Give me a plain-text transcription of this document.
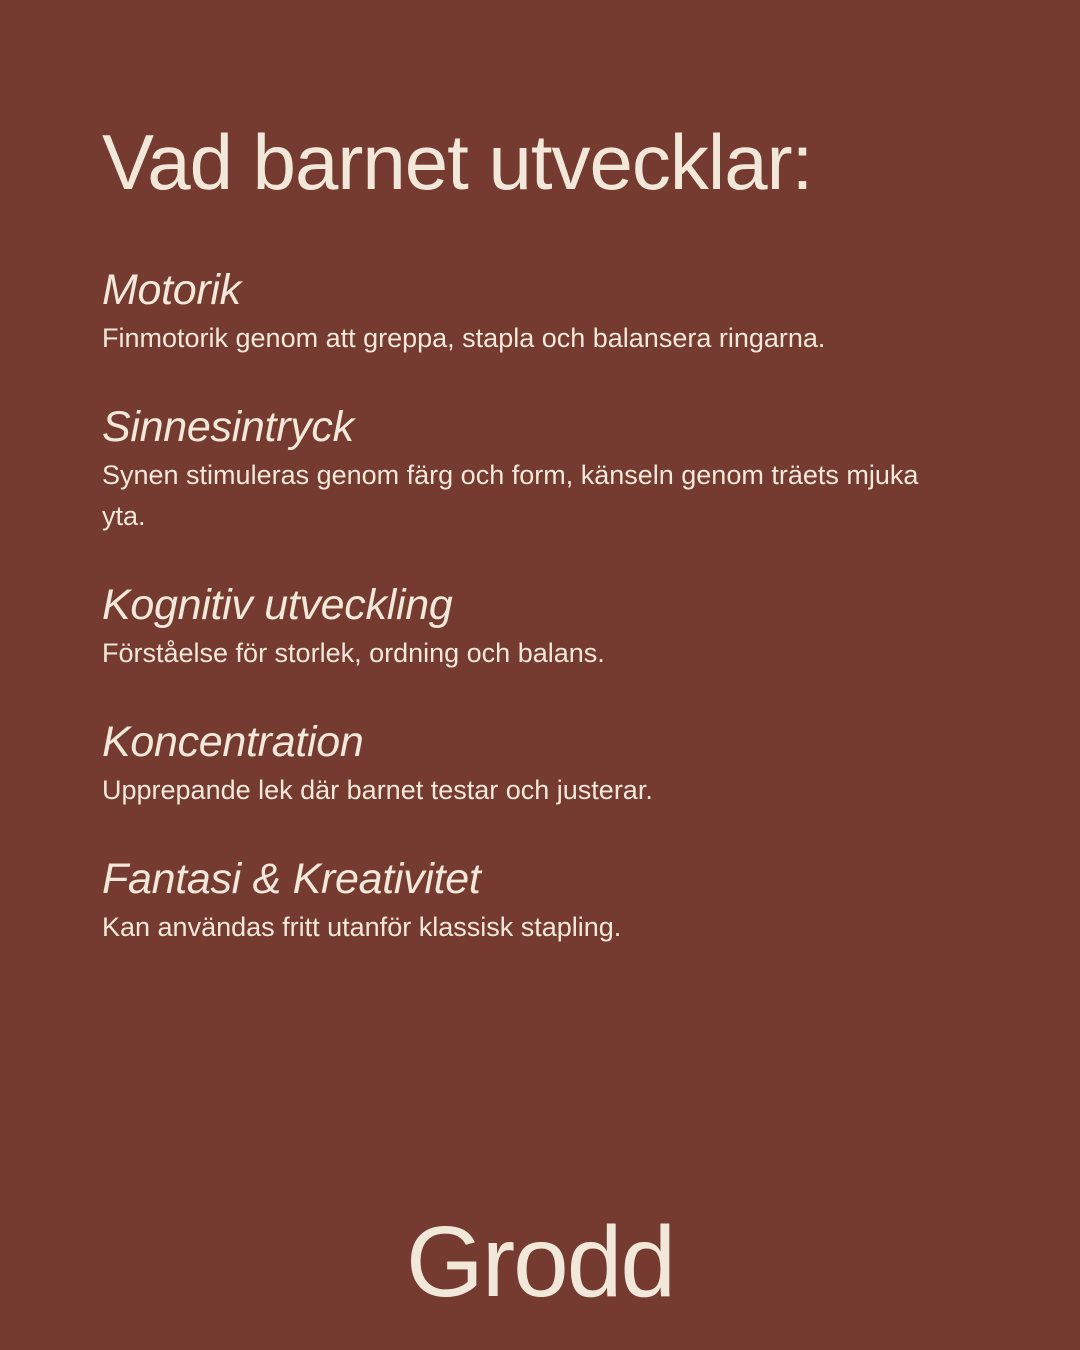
Vad barnet utvecklar:
Motorik

Finmotorik genom att greppa, stapla och balansera ringarna.

Sinnesintryck

Synen stimuleras genom färg och form, känseln genom träets mjuka yta.

Kognitiv utveckling

Förståelse för storlek, ordning och balans.

Koncentration

Upprepande lek där barnet testar och justerar.

Fantasi & Kreativitet

Kan användas fritt utanför klassisk stapling.

Grodd
